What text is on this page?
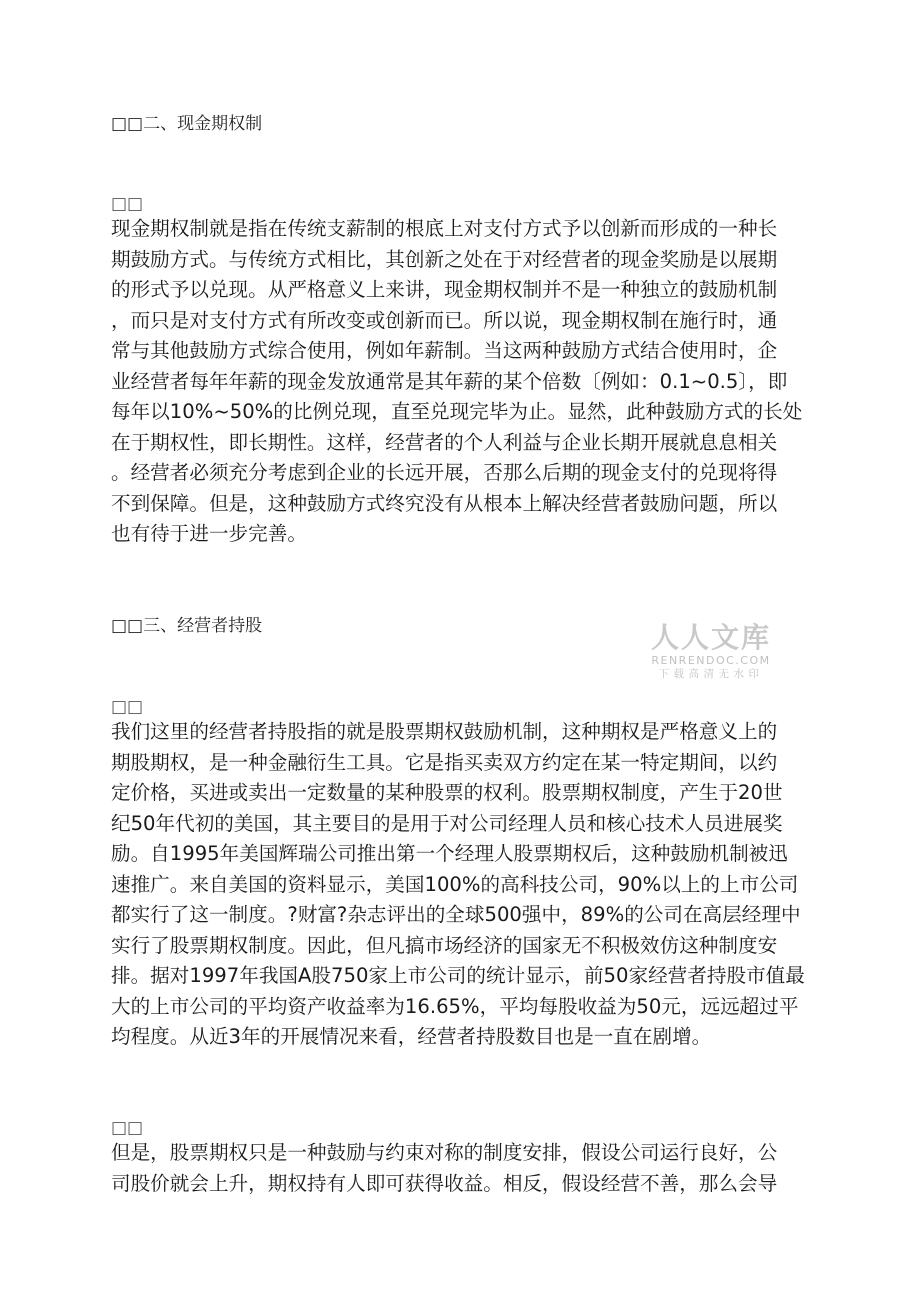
□□二、现金期权制
□□
现金期权制就是指在传统支薪制的根底上对支付方式予以创新而形成的一种长
期鼓励方式。与传统方式相比，其创新之处在于对经营者的现金奖励是以展期
的形式予以兑现。从严格意义上来讲，现金期权制并不是一种独立的鼓励机制
，而只是对支付方式有所改变或创新而已。所以说，现金期权制在施行时，通
常与其他鼓励方式综合使用，例如年薪制。当这两种鼓励方式结合使用时，企
业经营者每年年薪的现金发放通常是其年薪的某个倍数〔例如：0.1~0.5〕，即
每年以10%~50%的比例兑现，直至兑现完毕为止。显然，此种鼓励方式的长处
在于期权性，即长期性。这样，经营者的个人利益与企业长期开展就息息相关
。经营者必须充分考虑到企业的长远开展，否那么后期的现金支付的兑现将得
不到保障。但是，这种鼓励方式终究没有从根本上解决经营者鼓励问题，所以
也有待于进一步完善。
□□三、经营者持股	人人文库
RENRENDOC.COM
下载高清无水印
□□
我们这里的经营者持股指的就是股票期权鼓励机制，这种期权是严格意义上的
期股期权，是一种金融衍生工具。它是指买卖双方约定在某一特定期间，以约
定价格，买进或卖出一定数量的某种股票的权利。股票期权制度，产生于20世
纪50年代初的美国，其主要目的是用于对公司经理人员和核心技术人员进展奖
励。自1995年美国辉瑞公司推出第一个经理人股票期权后，这种鼓励机制被迅
速推广。来自美国的资料显示，美国100%的高科技公司，90%以上的上市公司
都实行了这一制度。?财富?杂志评出的全球500强中，89%的公司在高层经理中
实行了股票期权制度。因此，但凡搞市场经济的国家无不积极效仿这种制度安
排。据对1997年我国A股750家上市公司的统计显示，前50家经营者持股市值最
大的上市公司的平均资产收益率为16.65%，平均每股收益为50元，远远超过平
均程度。从近3年的开展情况来看，经营者持股数目也是一直在剧增。
□□
但是，股票期权只是一种鼓励与约束对称的制度安排，假设公司运行良好，公
司股价就会上升，期权持有人即可获得收益。相反，假设经营不善，那么会导
